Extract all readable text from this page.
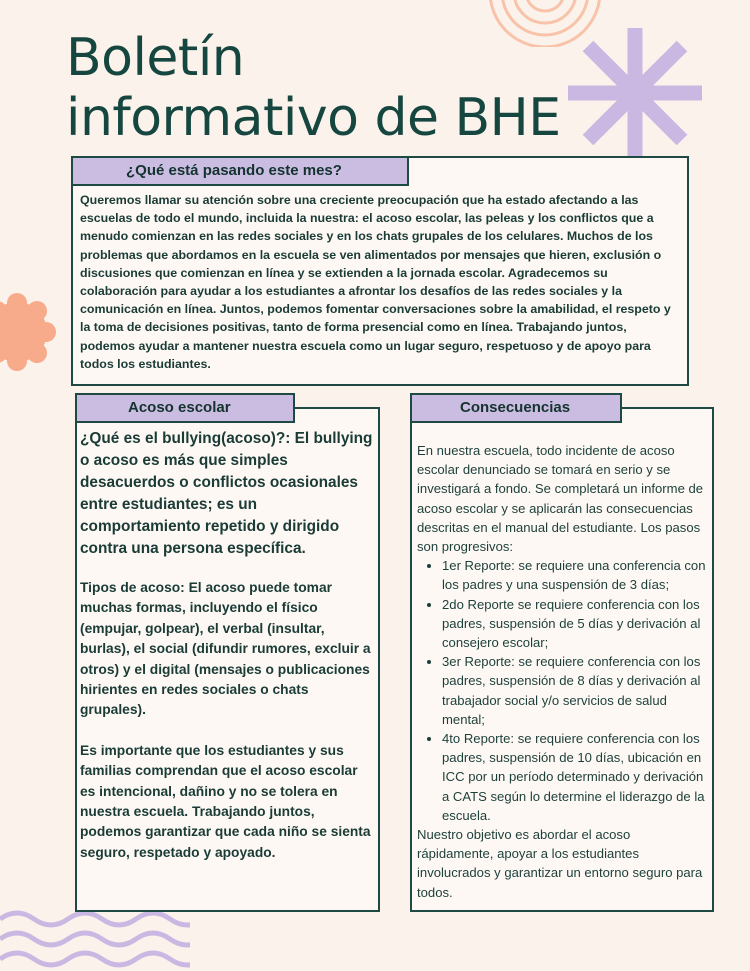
Boletín
informativo de BHE
¿Qué está pasando este mes?
Queremos llamar su atención sobre una creciente preocupación que ha estado afectando a las escuelas de todo el mundo, incluida la nuestra: el acoso escolar, las peleas y los conflictos que a menudo comienzan en las redes sociales y en los chats grupales de los celulares. Muchos de los problemas que abordamos en la escuela se ven alimentados por mensajes que hieren, exclusión o discusiones que comienzan en línea y se extienden a la jornada escolar. Agradecemos su colaboración para ayudar a los estudiantes a afrontar los desafíos de las redes sociales y la comunicación en línea. Juntos, podemos fomentar conversaciones sobre la amabilidad, el respeto y la toma de decisiones positivas, tanto de forma presencial como en línea. Trabajando juntos, podemos ayudar a mantener nuestra escuela como un lugar seguro, respetuoso y de apoyo para todos los estudiantes.
Acoso escolar

¿Qué es el bullying(acoso)?: El bullying o acoso es más que simples desacuerdos o conflictos ocasionales entre estudiantes; es un comportamiento repetido y dirigido contra una persona específica.

Tipos de acoso: El acoso puede tomar muchas formas, incluyendo el físico (empujar, golpear), el verbal (insultar, burlas), el social (difundir rumores, excluir a otros) y el digital (mensajes o publicaciones hirientes en redes sociales o chats grupales).

Es importante que los estudiantes y sus familias comprendan que el acoso escolar es intencional, dañino y no se tolera en nuestra escuela. Trabajando juntos, podemos garantizar que cada niño se sienta seguro, respetado y apoyado.

Consecuencias

En nuestra escuela, todo incidente de acoso escolar denunciado se tomará en serio y se investigará a fondo. Se completará un informe de acoso escolar y se aplicarán las consecuencias descritas en el manual del estudiante. Los pasos son progresivos:

• 1er Reporte: se requiere una conferencia con los padres y una suspensión de 3 días;
• 2do Reporte se requiere conferencia con los padres, suspensión de 5 días y derivación al consejero escolar;
• 3er Reporte: se requiere conferencia con los padres, suspensión de 8 días y derivación al trabajador social y/o servicios de salud mental;
• 4to Reporte: se requiere conferencia con los padres, suspensión de 10 días, ubicación en ICC por un período determinado y derivación a CATS según lo determine el liderazgo de la escuela.

Nuestro objetivo es abordar el acoso rápidamente, apoyar a los estudiantes involucrados y garantizar un entorno seguro para todos.
